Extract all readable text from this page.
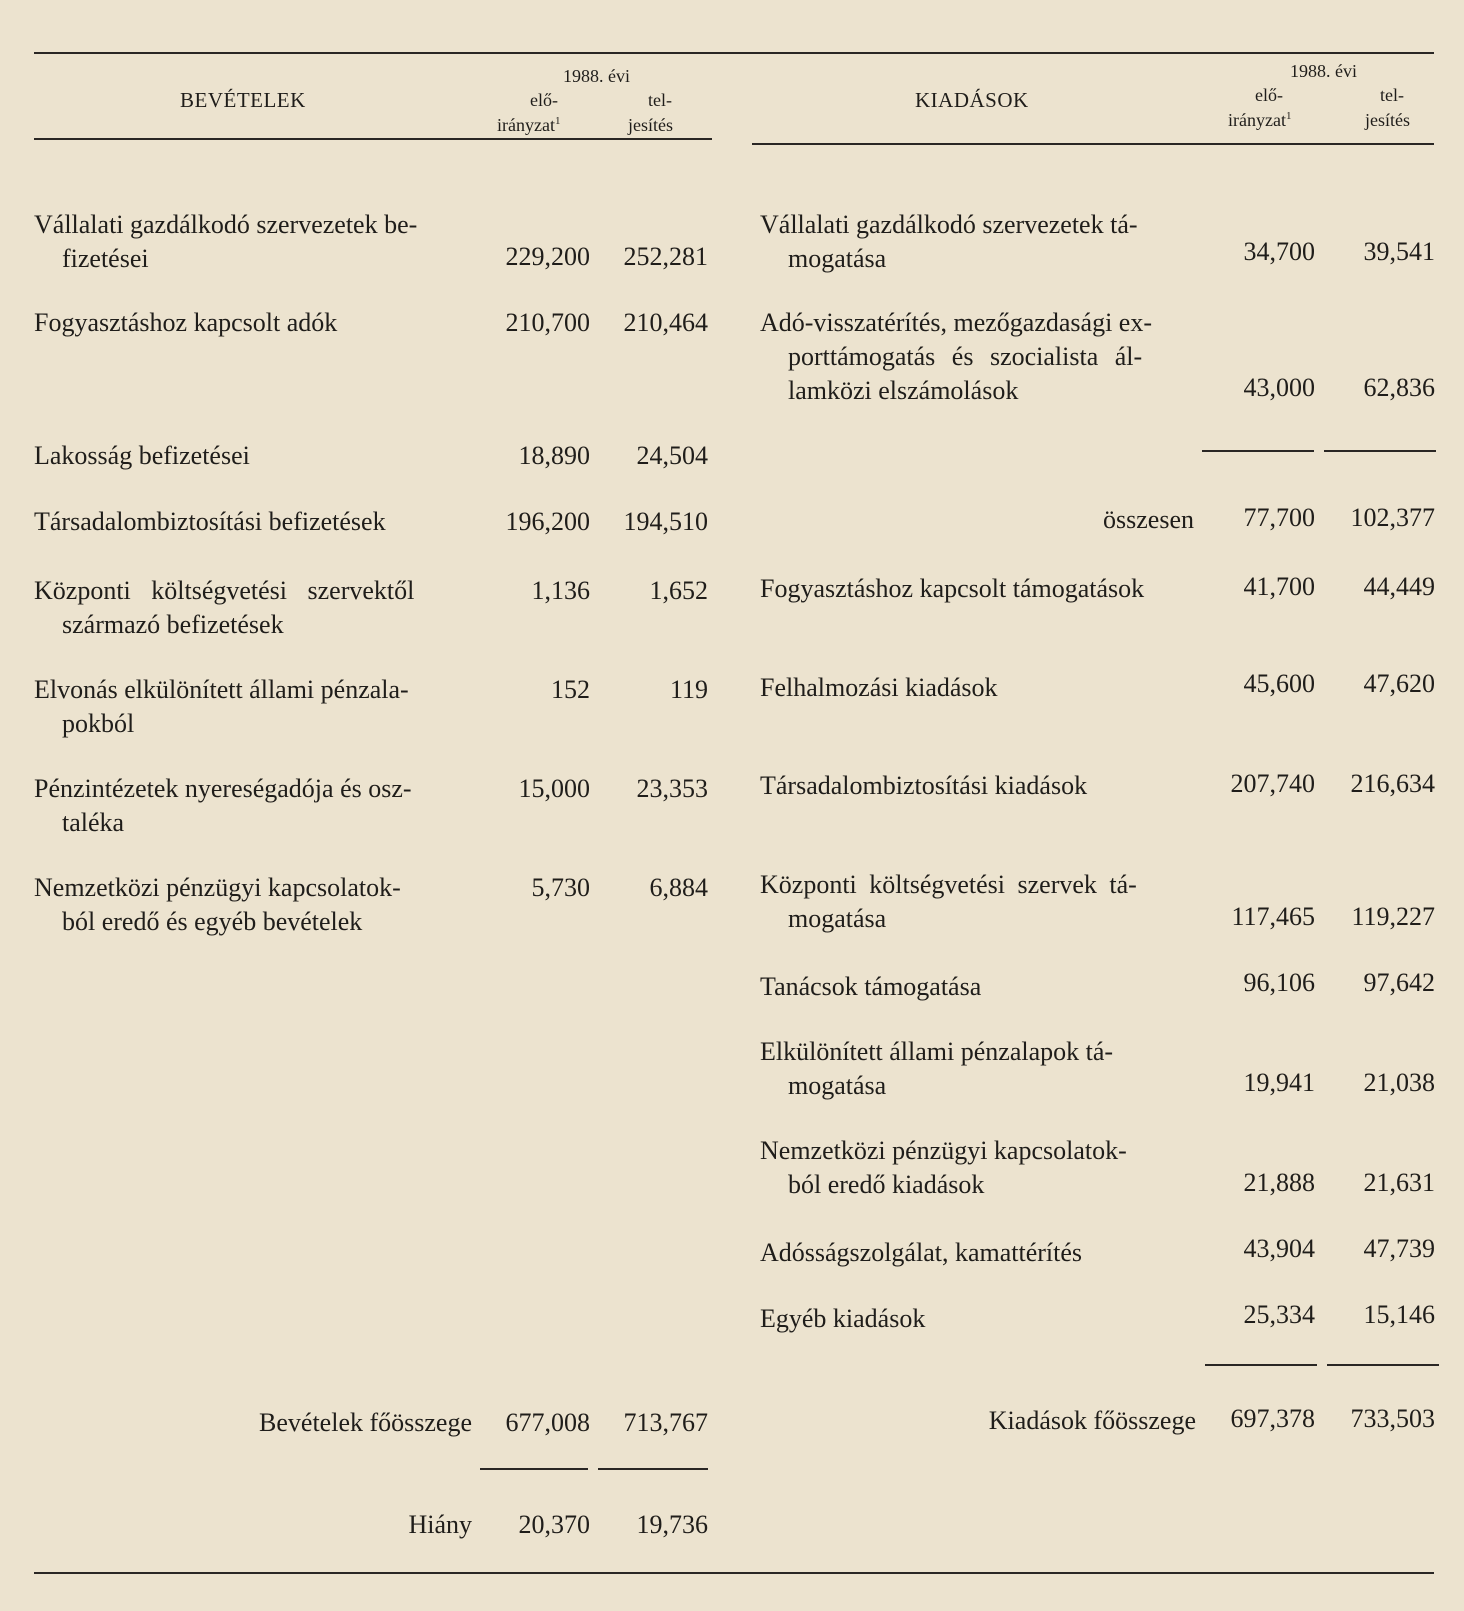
BEVÉTELEK
1988. évi
elő-
irányzat$^1$
tel-
jesítés
KIADÁSOK
1988. évi
elő-
irányzat$^1$
tel-
jesítés
Vállalati gazdálkodó szervezetek be-
fizetései	229,200	252,281
Fogyasztáshoz kapcsolt adók	210,700	210,464
Lakosság befizetései	18,890	24,504
Társadalombiztosítási befizetések	196,200	194,510
Központi költségvetési szervektől
származó befizetések
1,136	1,652
Elvonás elkülönített állami pénzala-
pokból
152	119
Pénzintézetek nyereségadója és osz-
taléka
15,000	23,353
Nemzetközi pénzügyi kapcsolatok-
ból eredő és egyéb bevételek
5,730	6,884
Bevételek főösszege	677,008	713,767
Hiány	20,370	19,736
Vállalati gazdálkodó szervezetek tá-
mogatása	34,700	39,541
Adó-visszatérítés, mezőgazdasági ex-
porttámogatás és szocialista ál-
lamközi elszámolások	43,000	62,836
összesen	77,700	102,377
Fogyasztáshoz kapcsolt támogatások	41,700	44,449
Felhalmozási kiadások	45,600	47,620
Társadalombiztosítási kiadások	207,740	216,634
Központi költségvetési szervek tá-
mogatása	117,465	119,227
Tanácsok támogatása	96,106	97,642
Elkülönített állami pénzalapok tá-
mogatása	19,941	21,038
Nemzetközi pénzügyi kapcsolatok-
ból eredő kiadások	21,888	21,631
Adósságszolgálat, kamattérítés	43,904	47,739
Egyéb kiadások	25,334	15,146
Kiadások főösszege	697,378	733,503
